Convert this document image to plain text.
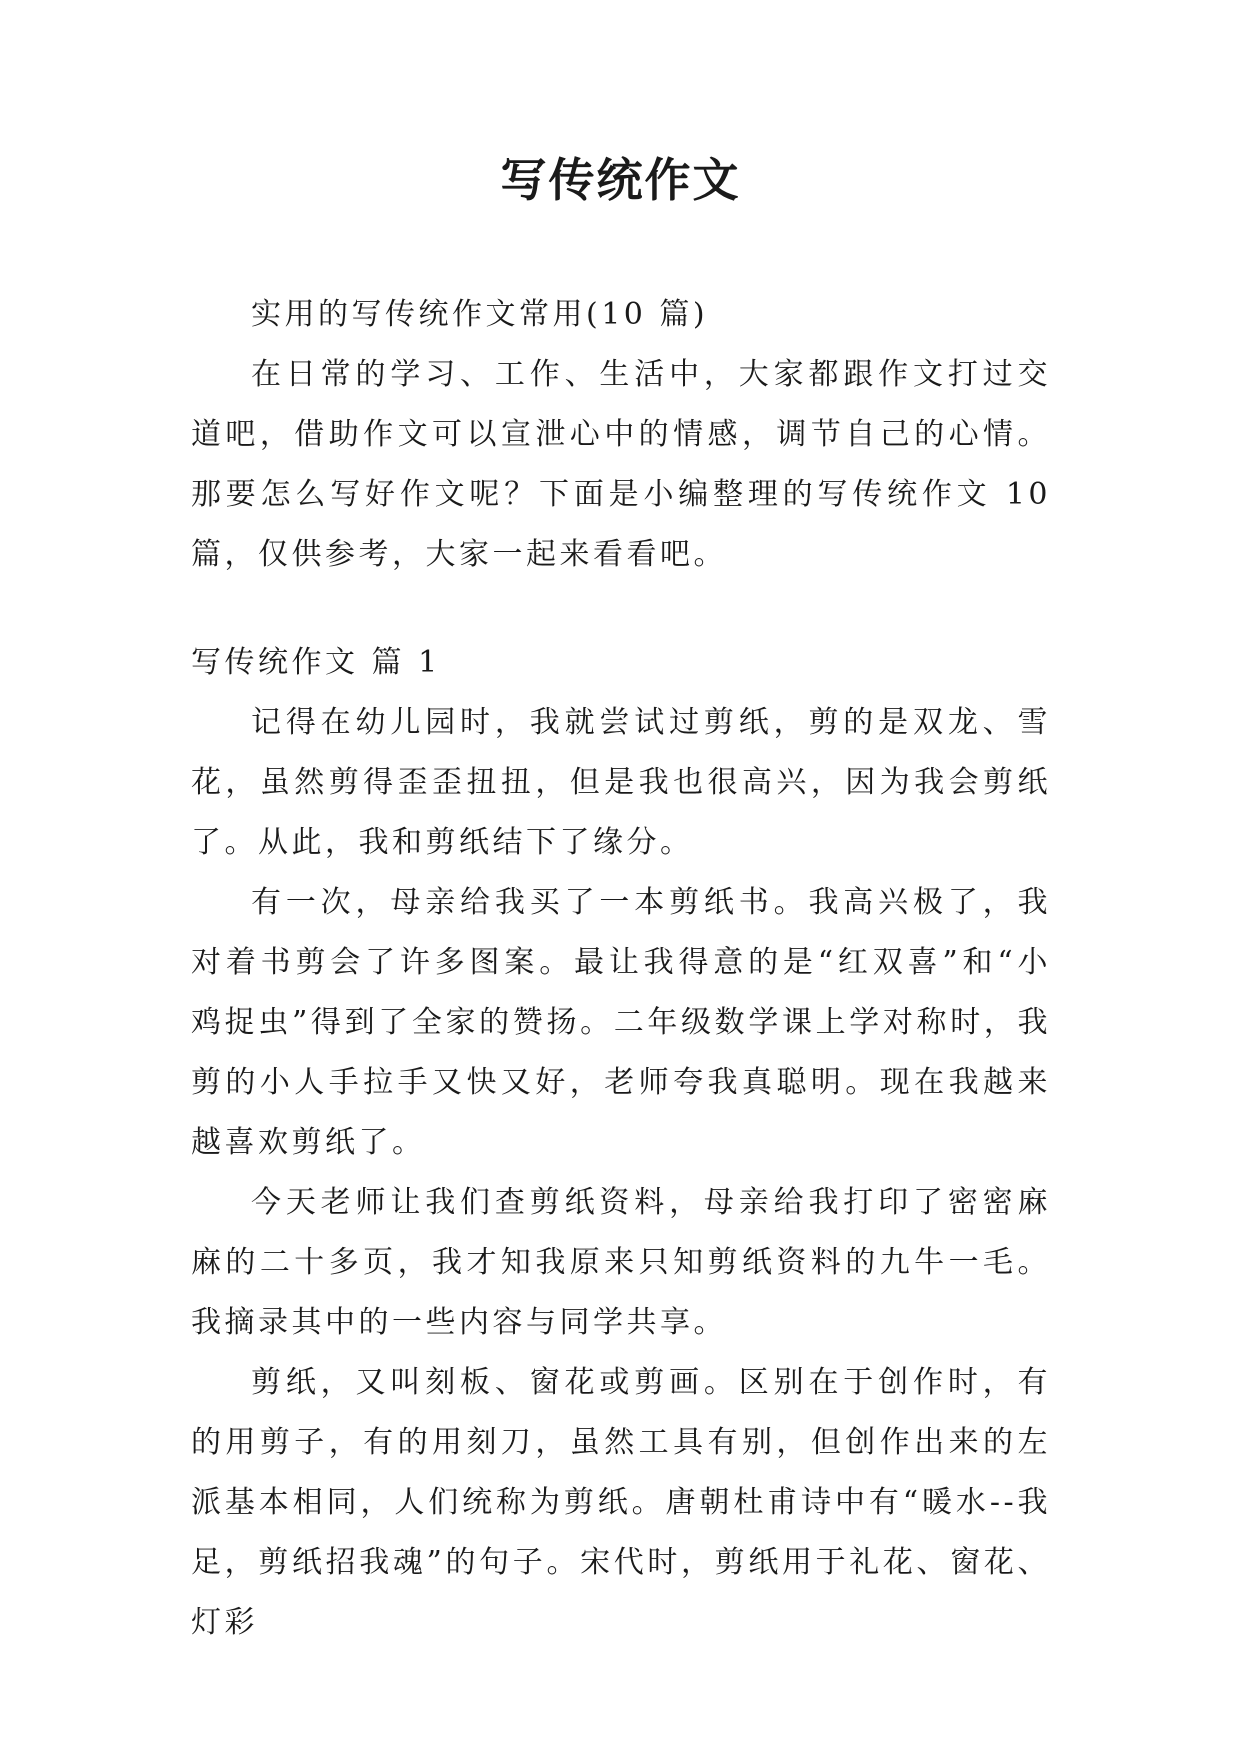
写传统作文

实用的写传统作文常用(10 篇)

在日常的学习、工作、生活中，大家都跟作文打过交道吧，借助作文可以宣泄心中的情感，调节自己的心情。那要怎么写好作文呢？下面是小编整理的写传统作文 10 篇，仅供参考，大家一起来看看吧。

写传统作文 篇 1

记得在幼儿园时，我就尝试过剪纸，剪的是双龙、雪花，虽然剪得歪歪扭扭，但是我也很高兴，因为我会剪纸了。从此，我和剪纸结下了缘分。

有一次，母亲给我买了一本剪纸书。我高兴极了，我对着书剪会了许多图案。最让我得意的是“红双喜”和“小鸡捉虫”得到了全家的赞扬。二年级数学课上学对称时，我剪的小人手拉手又快又好，老师夸我真聪明。现在我越来越喜欢剪纸了。

今天老师让我们查剪纸资料，母亲给我打印了密密麻麻的二十多页，我才知我原来只知剪纸资料的九牛一毛。我摘录其中的一些内容与同学共享。

剪纸，又叫刻板、窗花或剪画。区别在于创作时，有的用剪子，有的用刻刀，虽然工具有别，但创作出来的左派基本相同，人们统称为剪纸。唐朝杜甫诗中有“暖水--我足，剪纸招我魂”的句子。宋代时，剪纸用于礼花、窗花、灯彩
